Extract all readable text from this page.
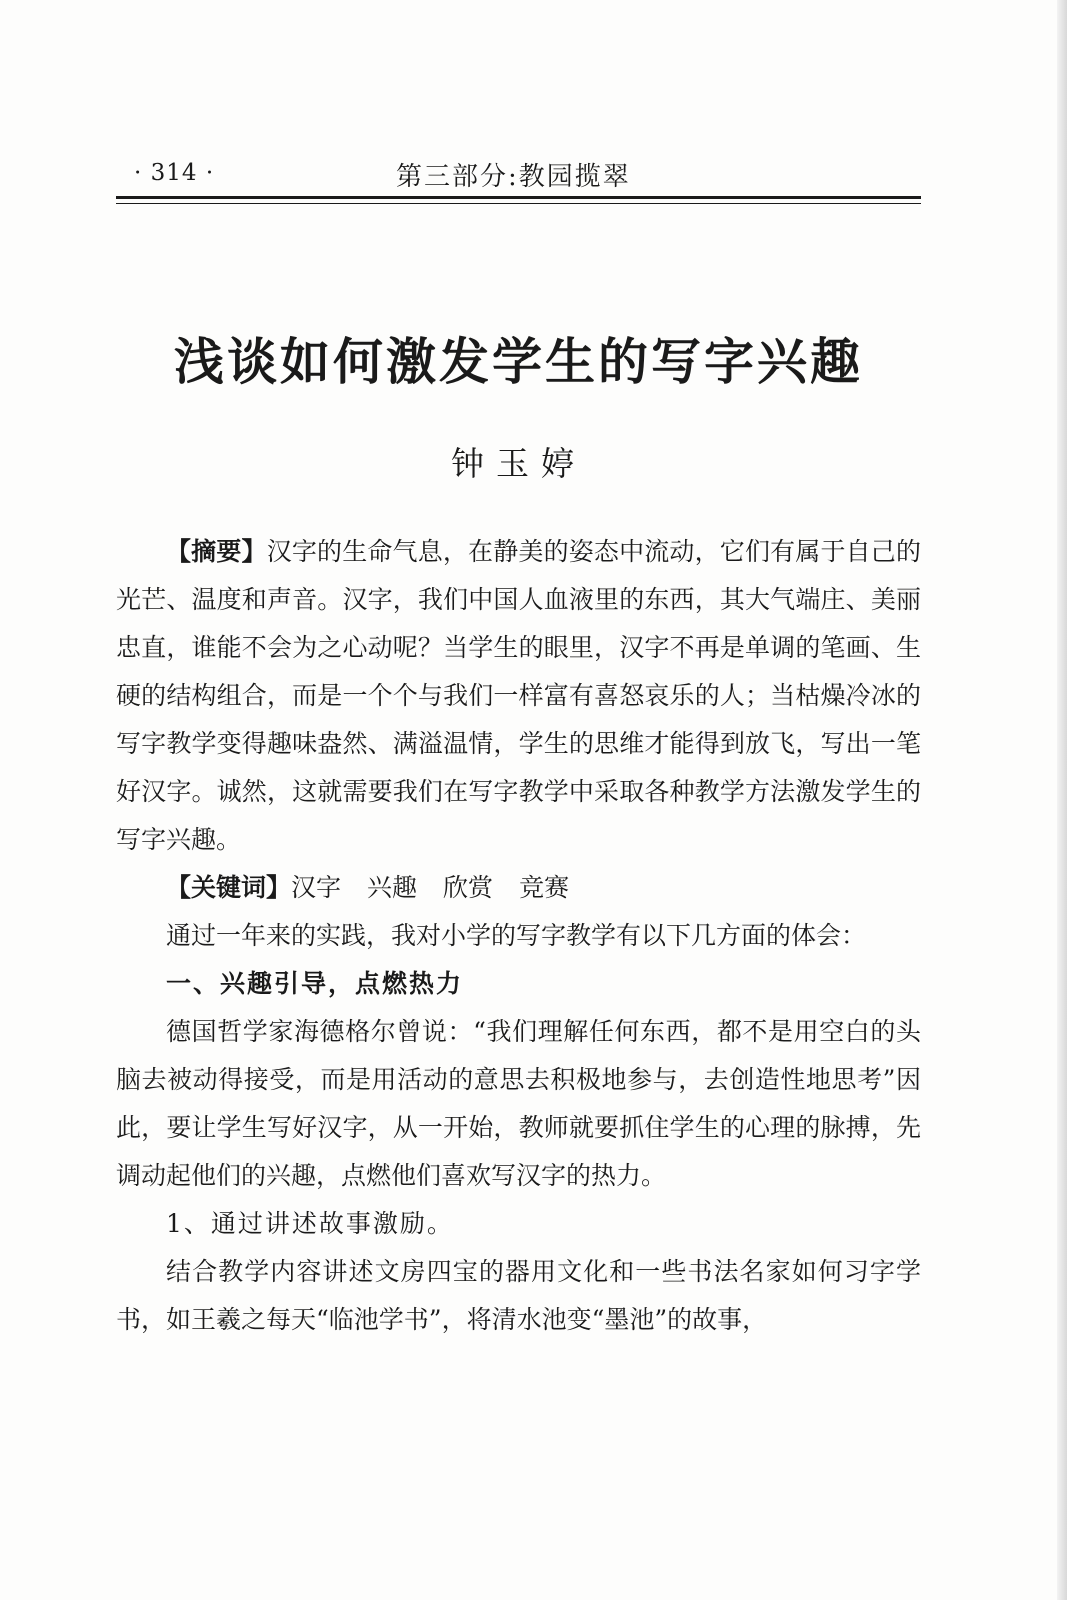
· 314 ·	第三部分:教园揽翠
浅谈如何激发学生的写字兴趣
钟玉婷

【摘要】汉字的生命气息，在静美的姿态中流动，它们有属于自己的光芒、温度和声音。汉字，我们中国人血液里的东西，其大气端庄、美丽忠直，谁能不会为之心动呢？当学生的眼里，汉字不再是单调的笔画、生硬的结构组合，而是一个个与我们一样富有喜怒哀乐的人；当枯燥冷冰的写字教学变得趣味盎然、满溢温情，学生的思维才能得到放飞，写出一笔好汉字。诚然，这就需要我们在写字教学中采取各种教学方法激发学生的写字兴趣。

【关键词】汉字 兴趣 欣赏 竞赛

通过一年来的实践，我对小学的写字教学有以下几方面的体会：

一、兴趣引导，点燃热力

德国哲学家海德格尔曾说：“我们理解任何东西，都不是用空白的头脑去被动得接受，而是用活动的意思去积极地参与，去创造性地思考”因此，要让学生写好汉字，从一开始，教师就要抓住学生的心理的脉搏，先调动起他们的兴趣，点燃他们喜欢写汉字的热力。

1、通过讲述故事激励。

结合教学内容讲述文房四宝的器用文化和一些书法名家如何习字学书，如王羲之每天“临池学书”，将清水池变“墨池”的故事，
